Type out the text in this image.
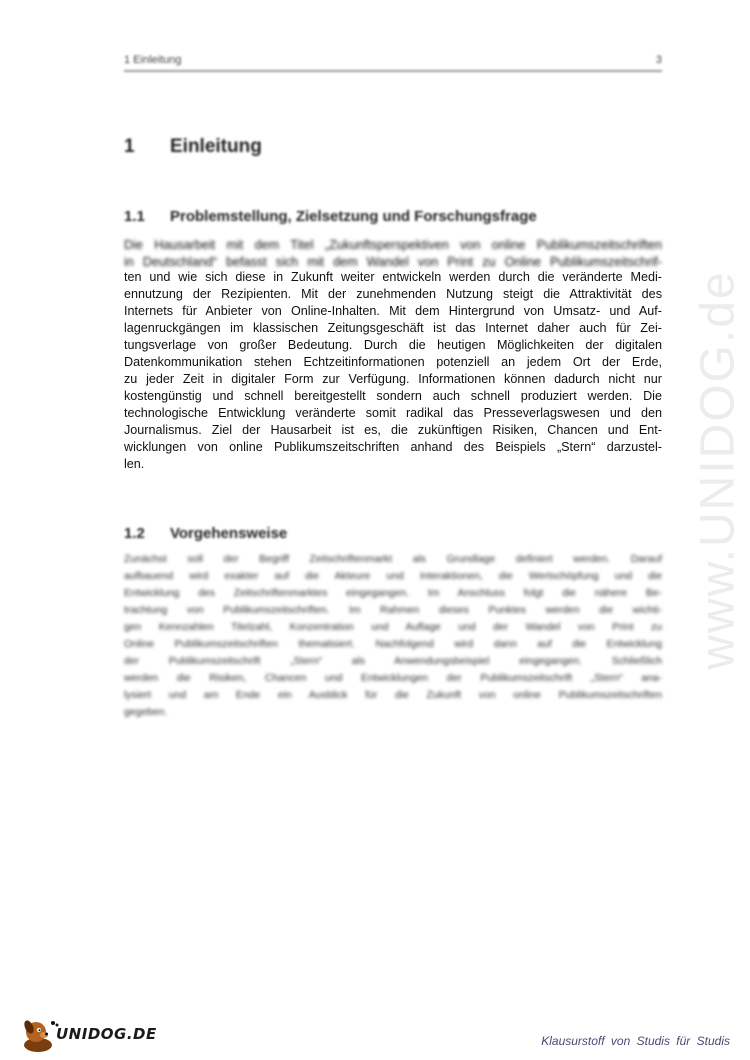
1 Einleitung	3
1 Einleitung
1.1 Problemstellung, Zielsetzung und Forschungsfrage
Die Hausarbeit mit dem Titel „Zukunftsperspektiven von online Publikumszeitschriften
in Deutschland“ befasst sich mit dem Wandel von Print zu Online Publikumszeitschrif-
ten und wie sich diese in Zukunft weiter entwickeln werden durch die veränderte Medi-
ennutzung der Rezipienten. Mit der zunehmenden Nutzung steigt die Attraktivität des
Internets für Anbieter von Online-Inhalten. Mit dem Hintergrund von Umsatz- und Auf-
lagenruckgängen im klassischen Zeitungsgeschäft ist das Internet daher auch für Zei-
tungsverlage von großer Bedeutung. Durch die heutigen Möglichkeiten der digitalen
Datenkommunikation stehen Echtzeitinformationen potenziell an jedem Ort der Erde,
zu jeder Zeit in digitaler Form zur Verfügung. Informationen können dadurch nicht nur
kostengünstig und schnell bereitgestellt sondern auch schnell produziert werden. Die
technologische Entwicklung veränderte somit radikal das Presseverlagswesen und den
Journalismus. Ziel der Hausarbeit ist es, die zukünftigen Risiken, Chancen und Ent-
wicklungen von online Publikumszeitschriften anhand des Beispiels „Stern“ darzustel-
len.
1.2 Vorgehensweise
Zunächst soll der Begriff Zeitschriftenmarkt als Grundlage definiert werden. Darauf
aufbauend wird exakter auf die Akteure und Interaktionen, die Wertschöpfung und die
Entwicklung des Zeitschriftenmarktes eingegangen. Im Anschluss folgt die nähere Be-
trachtung von Publikumszeitschriften. Im Rahmen dieses Punktes werden die wichti-
gen Kennzahlen Titelzahl, Konzentration und Auflage und der Wandel von Print zu
Online Publikumszeitschriften thematisiert. Nachfolgend wird dann auf die Entwicklung
der Publikumszeitschrift „Stern“ als Anwendungsbeispiel eingegangen. Schließlich
werden die Risiken, Chancen und Entwicklungen der Publikumszeitschrift „Stern“ ana-
lysiert und am Ende ein Ausblick für die Zukunft von online Publikumszeitschriften
gegeben.
www.UNIDOG.de
UNIDOG.DE	Klausurstoff von Studis für Studis
